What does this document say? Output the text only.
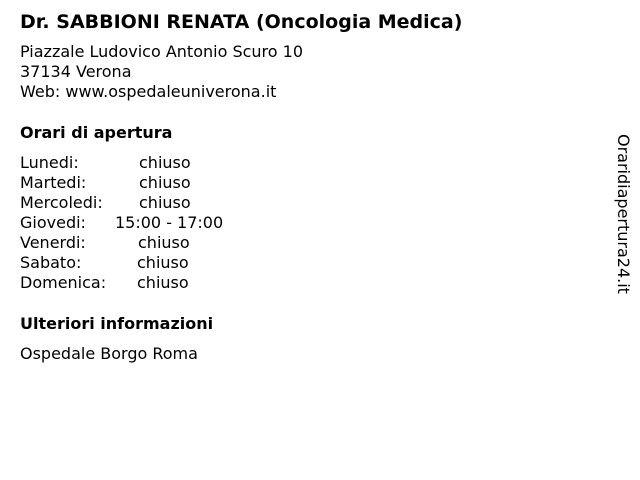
Dr. SABBIONI RENATA (Oncologia Medica)
Piazzale Ludovico Antonio Scuro 10
37134 Verona
Web: www.ospedaleuniverona.it
Orari di apertura
Lunedi:	chiuso
Martedi:	chiuso
Mercoledi:	chiuso
Giovedi:	15:00 - 17:00
Venerdi:	chiuso
Sabato:	chiuso
Domenica:	chiuso
Ulteriori informazioni
Ospedale Borgo Roma
Oraridiapertura24.it
